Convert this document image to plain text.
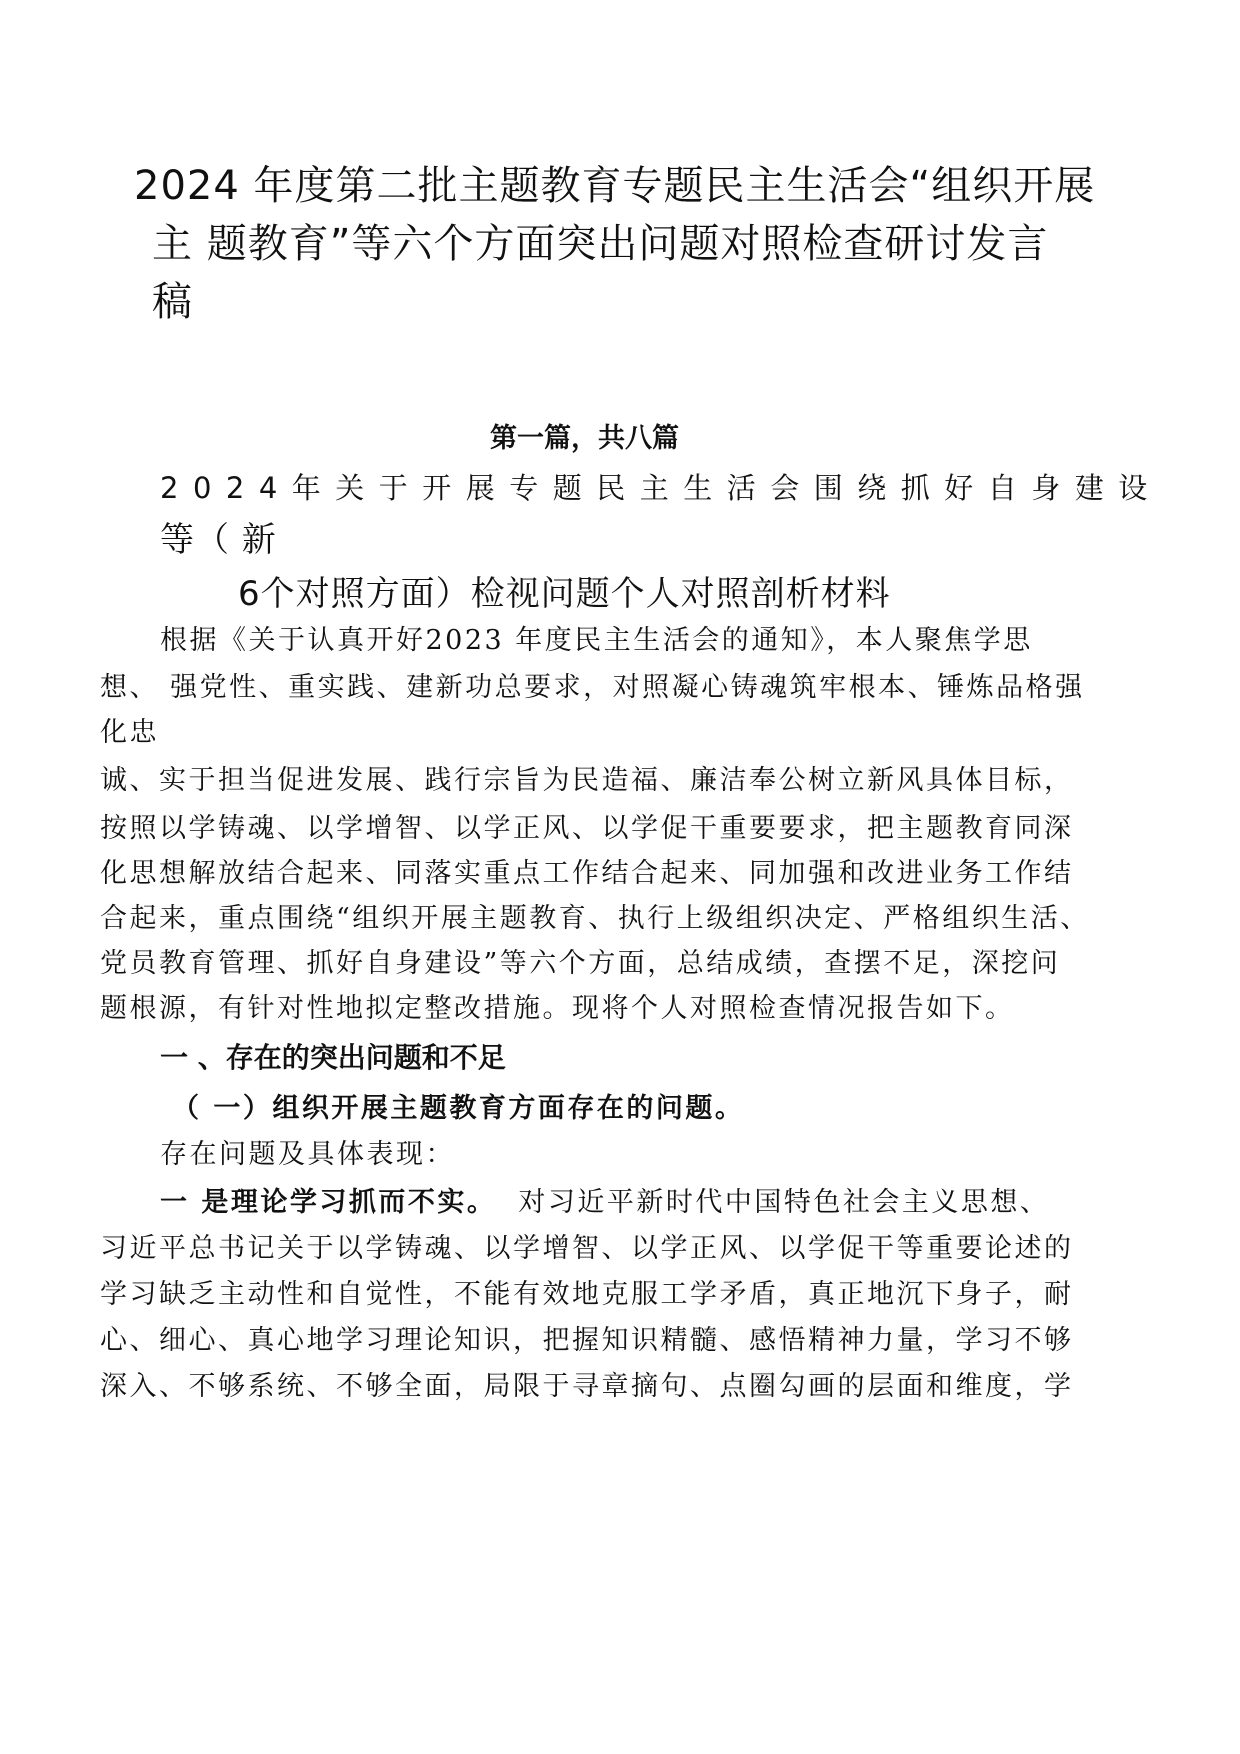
2024 年度第二批主题教育专题民主生活会“组织开展
主 题教育”等六个方面突出问题对照检查研讨发言
稿
第一篇，共八篇
2024年关于开展专题民主生活会围绕抓好自身建设
等（ 新
6个对照方面）检视问题个人对照剖析材料
根据《关于认真开好2023 年度民主生活会的通知》，本人聚焦学思
想、 强党性、重实践、建新功总要求，对照凝心铸魂筑牢根本、锤炼品格强
化忠
诚、实于担当促进发展、践行宗旨为民造福、廉洁奉公树立新风具体目标，
按照以学铸魂、以学增智、以学正风、以学促干重要要求，把主题教育同深
化思想解放结合起来、同落实重点工作结合起来、同加强和改进业务工作结
合起来，重点围绕“组织开展主题教育、执行上级组织决定、严格组织生活、
党员教育管理、抓好自身建设”等六个方面，总结成绩，查摆不足，深挖问
题根源，有针对性地拟定整改措施。现将个人对照检查情况报告如下。
一 、存在的突出问题和不足
（ 一）组织开展主题教育方面存在的问题。
存在问题及具体表现：
一 是理论学习抓而不实。 对习近平新时代中国特色社会主义思想、
习近平总书记关于以学铸魂、以学增智、以学正风、以学促干等重要论述的
学习缺乏主动性和自觉性，不能有效地克服工学矛盾，真正地沉下身子，耐
心、细心、真心地学习理论知识，把握知识精髓、感悟精神力量，学习不够
深入、不够系统、不够全面，局限于寻章摘句、点圈勾画的层面和维度，学
